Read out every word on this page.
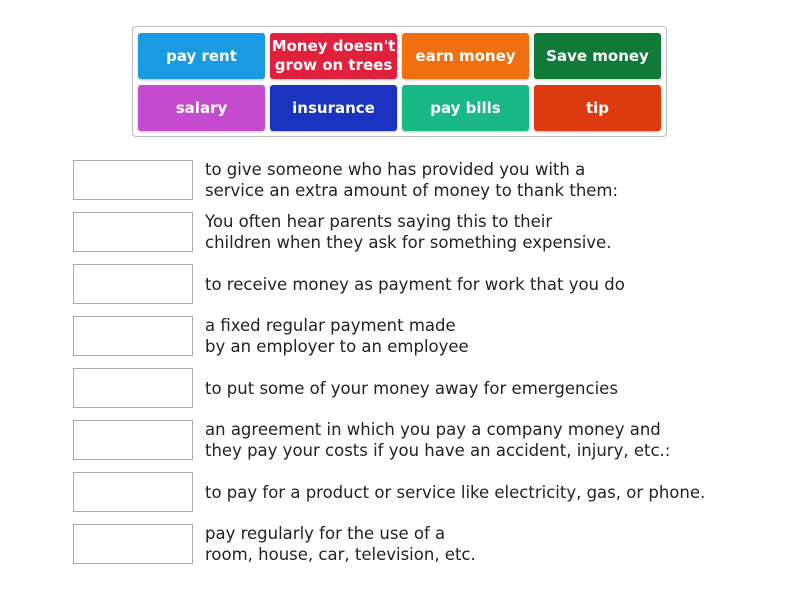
pay rent
Money doesn't grow on trees
earn money	Save money
salary	insurance	pay bills	tip
to give someone who has provided you with a
service an extra amount of money to thank them:
You often hear parents saying this to their
children when they ask for something expensive.
to receive money as payment for work that you do
a fixed regular payment made
by an employer to an employee
to put some of your money away for emergencies
an agreement in which you pay a company money and
they pay your costs if you have an accident, injury, etc.:
to pay for a product or service like electricity, gas, or phone.
pay regularly for the use of a
room, house, car, television, etc.
